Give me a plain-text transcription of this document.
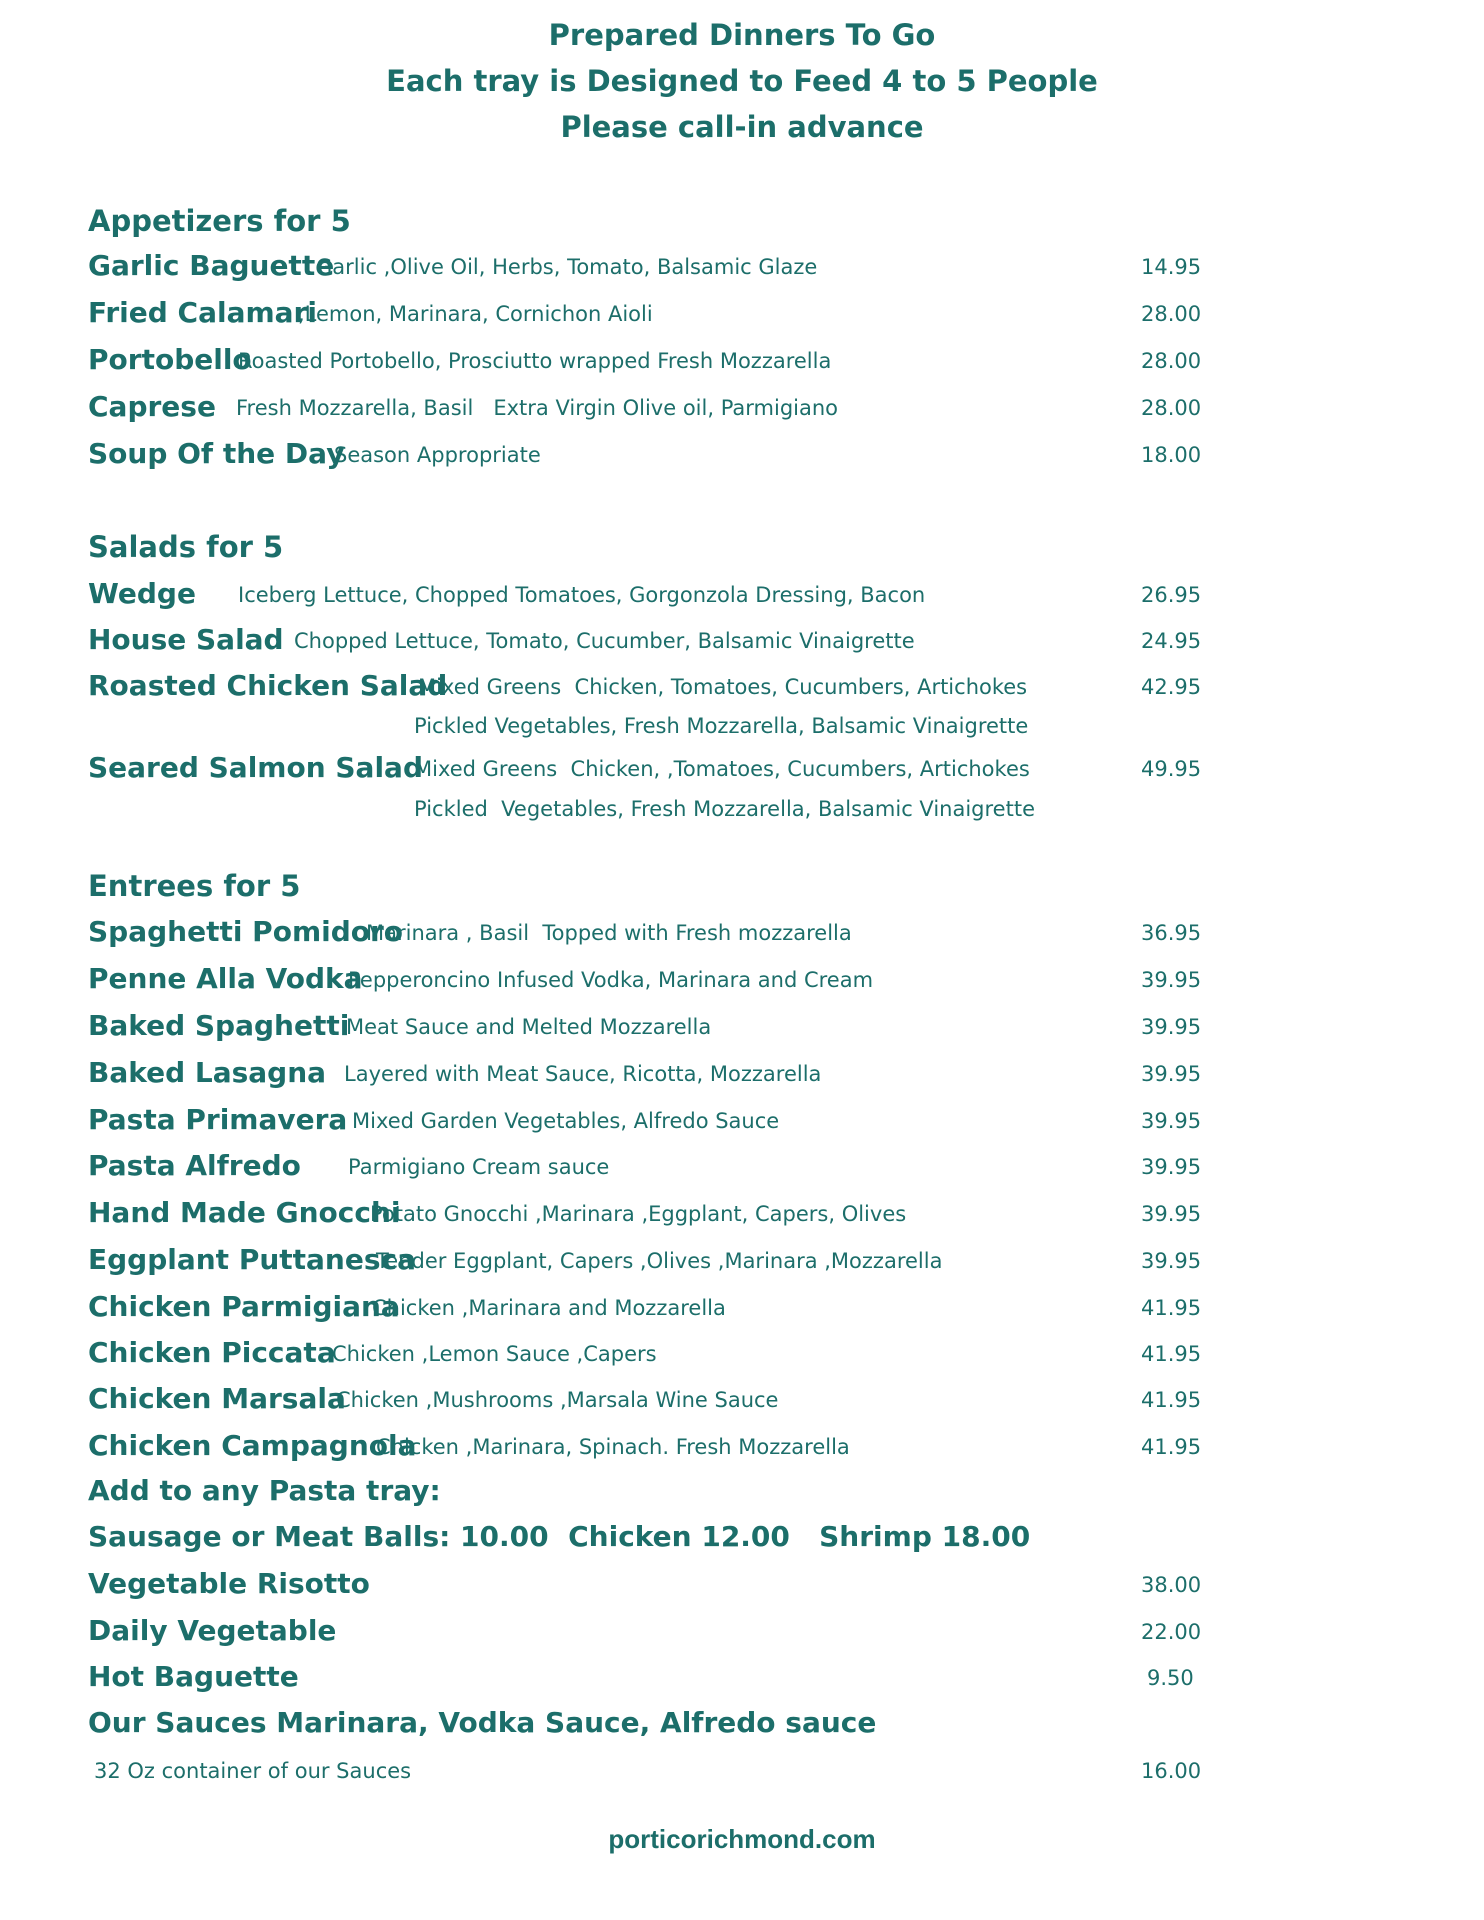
Prepared Dinners To Go
Each tray is Designed to Feed 4 to 5 People
Please call-in advance
Appetizers for 5
Garlic Baguette
Garlic ,Olive Oil, Herbs, Tomato, Balsamic Glaze	14.95
Fried Calamari
,Lemon, Marinara, Cornichon Aioli	28.00
Portobello
Roasted Portobello, Prosciutto wrapped Fresh Mozzarella	28.00
Caprese Fresh Mozzarella, Basil   Extra Virgin Olive oil, Parmigiano	28.00
Soup Of the Day
Season Appropriate	18.00
Salads for 5
Wedge Iceberg Lettuce, Chopped Tomatoes, Gorgonzola Dressing, Bacon	26.95
House Salad Chopped Lettuce, Tomato, Cucumber, Balsamic Vinaigrette	24.95
Roasted Chicken Salad
Mixed Greens  Chicken, Tomatoes, Cucumbers, Artichokes	42.95
Pickled Vegetables, Fresh Mozzarella, Balsamic Vinaigrette
Seared Salmon Salad
Mixed Greens  Chicken, ,Tomatoes, Cucumbers, Artichokes	49.95
Pickled  Vegetables, Fresh Mozzarella, Balsamic Vinaigrette
Entrees for 5
Spaghetti Pomidoro
Marinara , Basil  Topped with Fresh mozzarella	36.95
Penne Alla Vodka
Pepperoncino Infused Vodka, Marinara and Cream	39.95
Baked Spaghetti
Meat Sauce and Melted Mozzarella	39.95
Baked Lasagna Layered with Meat Sauce, Ricotta, Mozzarella	39.95
Pasta Primavera Mixed Garden Vegetables, Alfredo Sauce	39.95
Pasta Alfredo Parmigiano Cream sauce	39.95
Hand Made Gnocchi
Potato Gnocchi ,Marinara ,Eggplant, Capers, Olives	39.95
Eggplant Puttanesca
Tender Eggplant, Capers ,Olives ,Marinara ,Mozzarella	39.95
Chicken Parmigiana
Chicken ,Marinara and Mozzarella	41.95
Chicken Piccata
Chicken ,Lemon Sauce ,Capers	41.95
Chicken Marsala
Chicken ,Mushrooms ,Marsala Wine Sauce	41.95
Chicken Campagnola
Chicken ,Marinara, Spinach. Fresh Mozzarella	41.95
Add to any Pasta tray:
Sausage or Meat Balls: 10.00  Chicken 12.00   Shrimp 18.00
Vegetable Risotto	38.00
Daily Vegetable	22.00
Hot Baguette	9.50
Our Sauces Marinara, Vodka Sauce, Alfredo sauce
32 Oz container of our Sauces	16.00
porticorichmond.com
